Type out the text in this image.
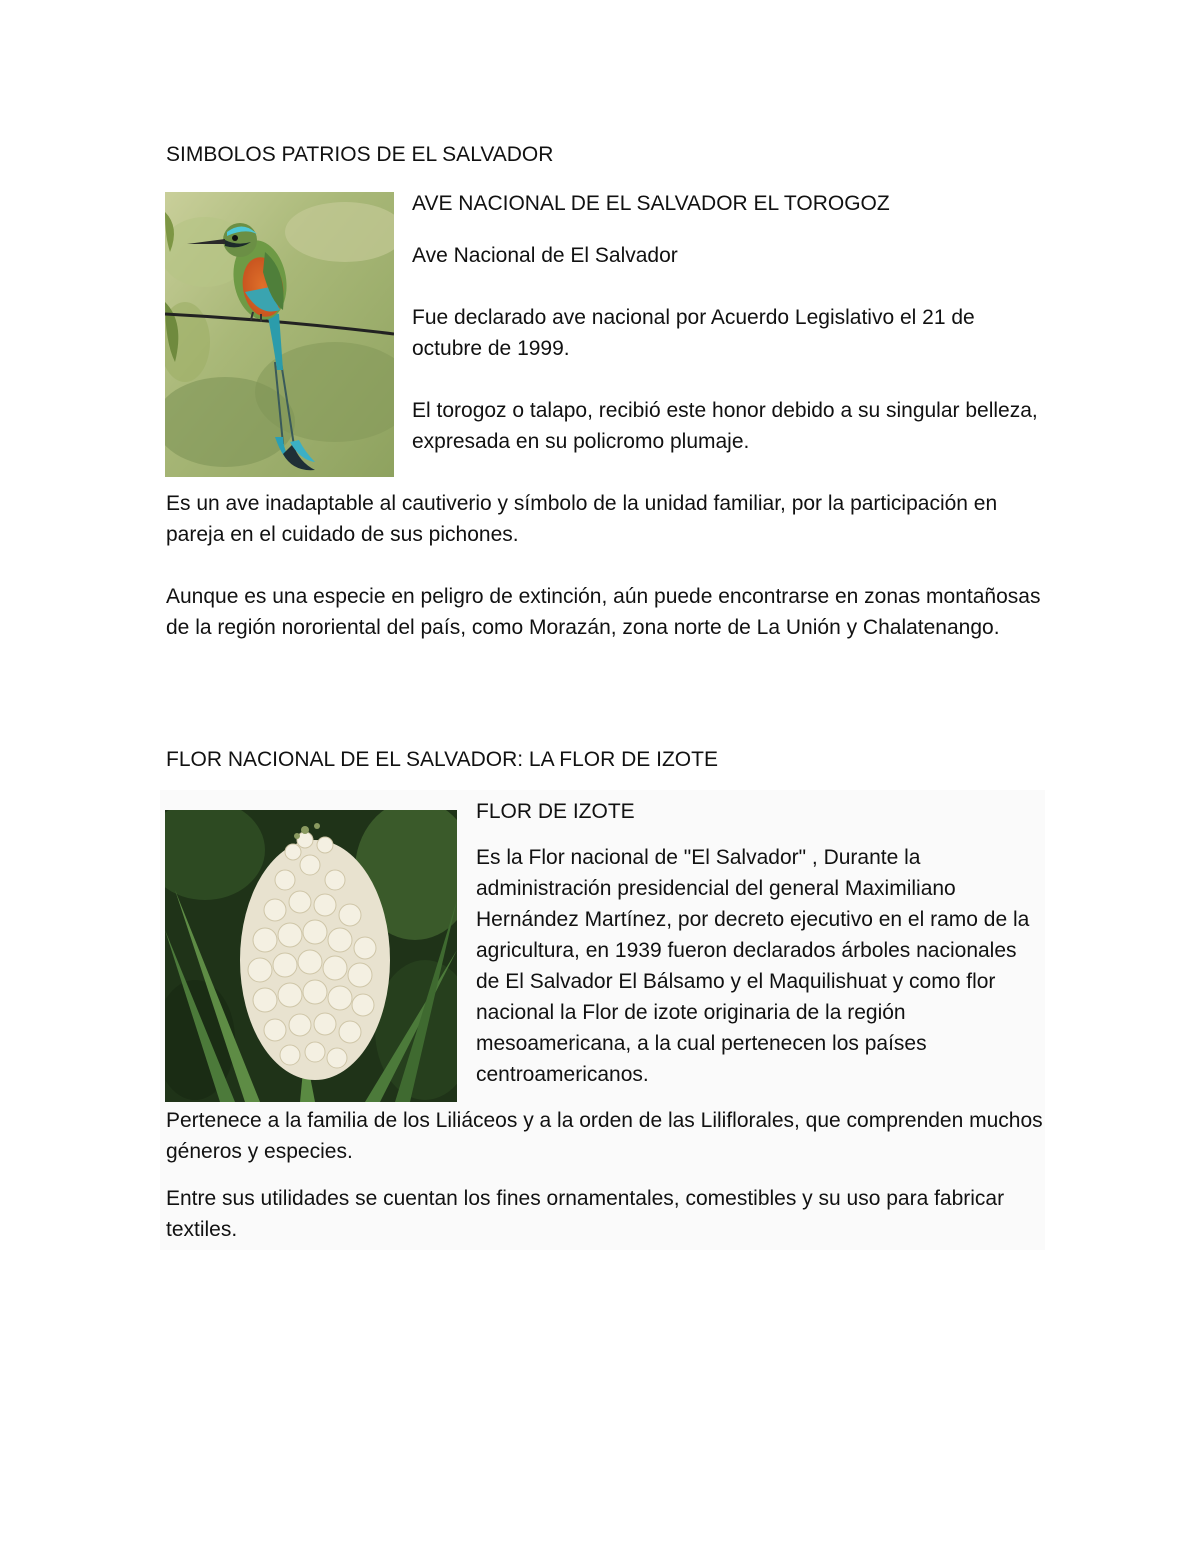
SIMBOLOS PATRIOS DE EL SALVADOR

AVE NACIONAL DE EL SALVADOR EL TOROGOZ

Ave Nacional de El Salvador

Fue declarado ave nacional por Acuerdo Legislativo el 21 de octubre de 1999.

El torogoz o talapo, recibió este honor debido a su singular belleza, expresada en su policromo plumaje.

Es un ave inadaptable al cautiverio y símbolo de la unidad familiar, por la participación en pareja en el cuidado de sus pichones.

Aunque es una especie en peligro de extinción, aún puede encontrarse en zonas montañosas de la región nororiental del país, como Morazán, zona norte de La Unión y Chalatenango.

FLOR NACIONAL DE EL SALVADOR: LA FLOR DE IZOTE

FLOR DE IZOTE

Es la Flor nacional de "El Salvador" , Durante la administración presidencial del general Maximiliano Hernández Martínez, por decreto ejecutivo en el ramo de la agricultura, en 1939 fueron declarados árboles nacionales de El Salvador El Bálsamo y el Maquilishuat y como flor nacional la Flor de izote originaria de la región mesoamericana, a la cual pertenecen los países centroamericanos.

Pertenece a la familia de los Liliáceos y a la orden de las Liliflorales, que comprenden muchos géneros y especies.

Entre sus utilidades se cuentan los fines ornamentales, comestibles y su uso para fabricar textiles.
